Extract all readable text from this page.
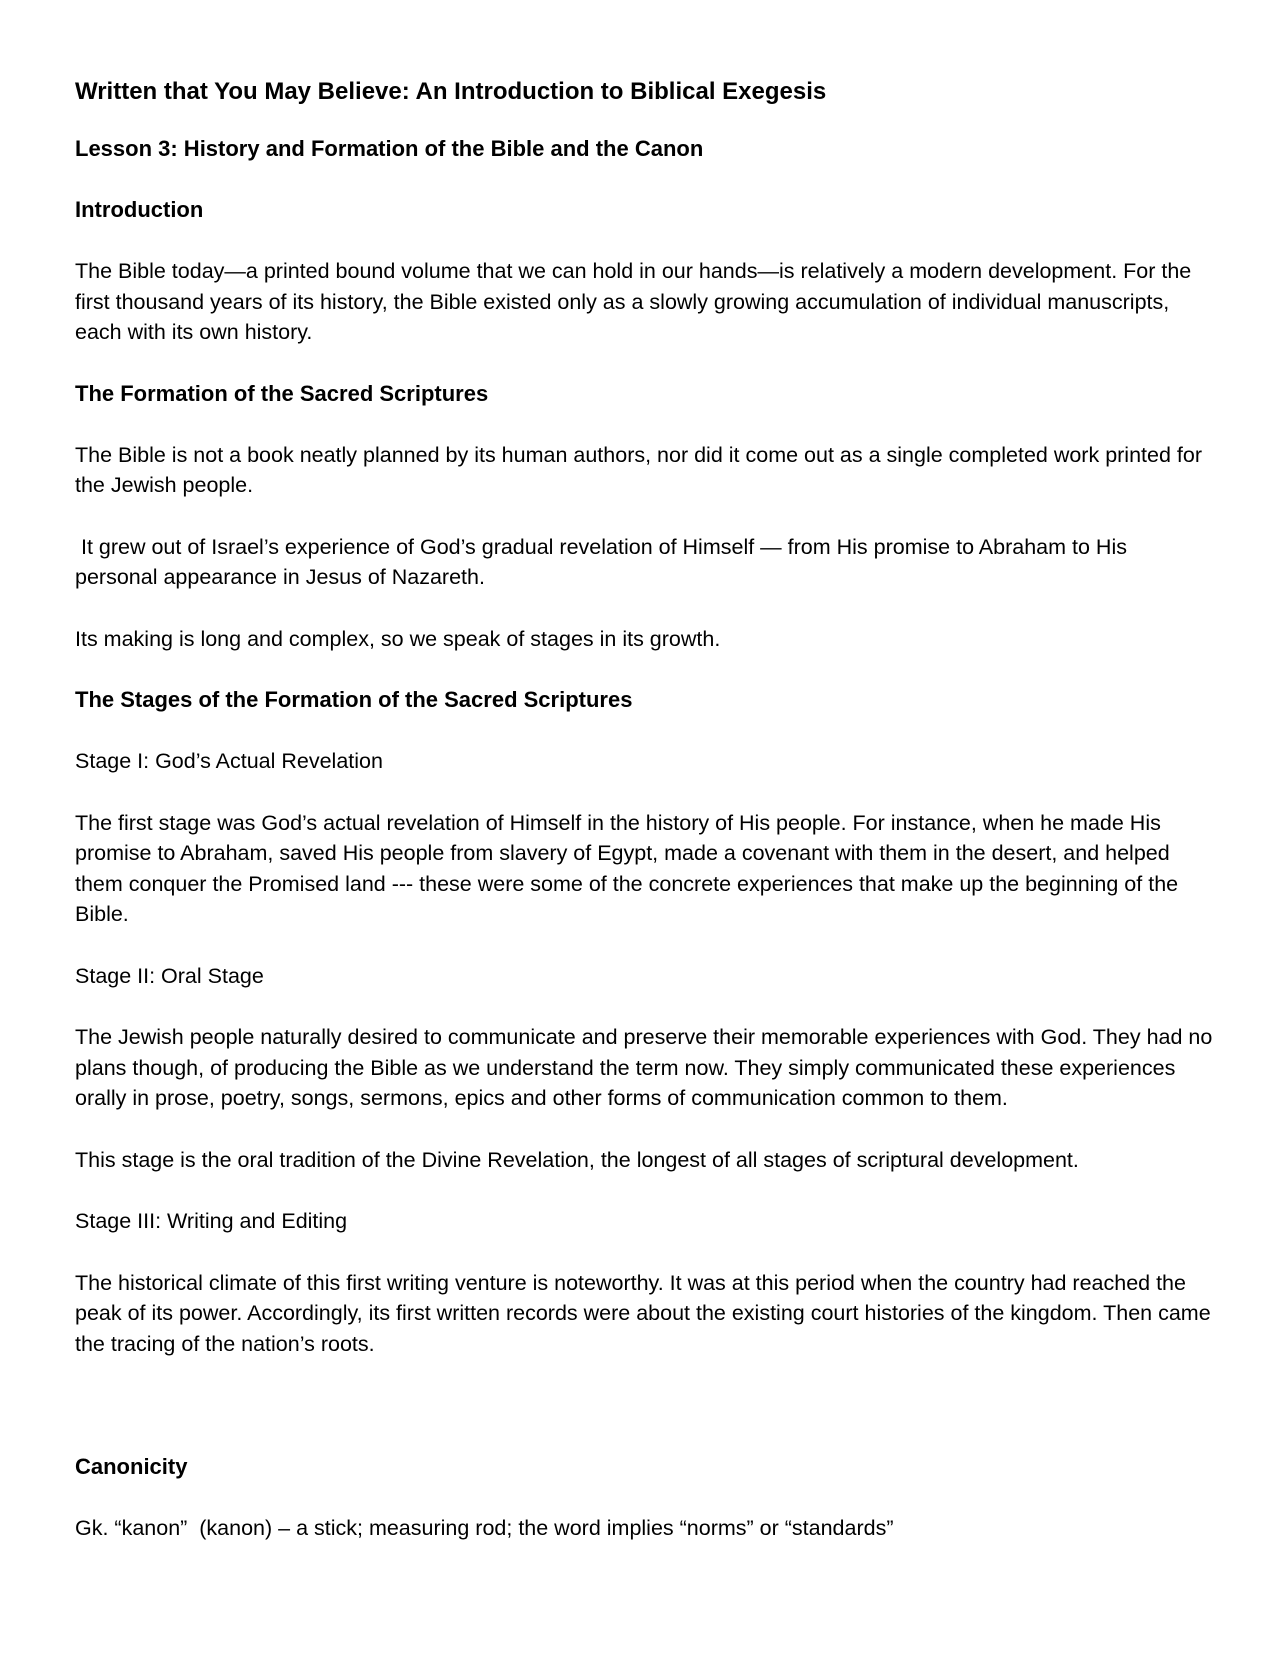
Written that You May Believe: An Introduction to Biblical Exegesis
Lesson 3: History and Formation of the Bible and the Canon
Introduction
The Bible today—a printed bound volume that we can hold in our hands—is relatively a modern development. For the first thousand years of its history, the Bible existed only as a slowly growing accumulation of individual manuscripts, each with its own history.
The Formation of the Sacred Scriptures
The Bible is not a book neatly planned by its human authors, nor did it come out as a single completed work printed for the Jewish people.
It grew out of Israel’s experience of God’s gradual revelation of Himself — from His promise to Abraham to His personal appearance in Jesus of Nazareth.
Its making is long and complex, so we speak of stages in its growth.
The Stages of the Formation of the Sacred Scriptures
Stage I: God’s Actual Revelation
The first stage was God’s actual revelation of Himself in the history of His people. For instance, when he made His promise to Abraham, saved His people from slavery of Egypt, made a covenant with them in the desert, and helped them conquer the Promised land --- these were some of the concrete experiences that make up the beginning of the Bible.
Stage II: Oral Stage
The Jewish people naturally desired to communicate and preserve their memorable experiences with God. They had no plans though, of producing the Bible as we understand the term now. They simply communicated these experiences orally in prose, poetry, songs, sermons, epics and other forms of communication common to them.
This stage is the oral tradition of the Divine Revelation, the longest of all stages of scriptural development.
Stage III: Writing and Editing
The historical climate of this first writing venture is noteworthy. It was at this period when the country had reached the peak of its power. Accordingly, its first written records were about the existing court histories of the kingdom. Then came the tracing of the nation’s roots.
Canonicity
Gk. “kanon”  (kanon) – a stick; measuring rod; the word implies “norms” or “standards”
